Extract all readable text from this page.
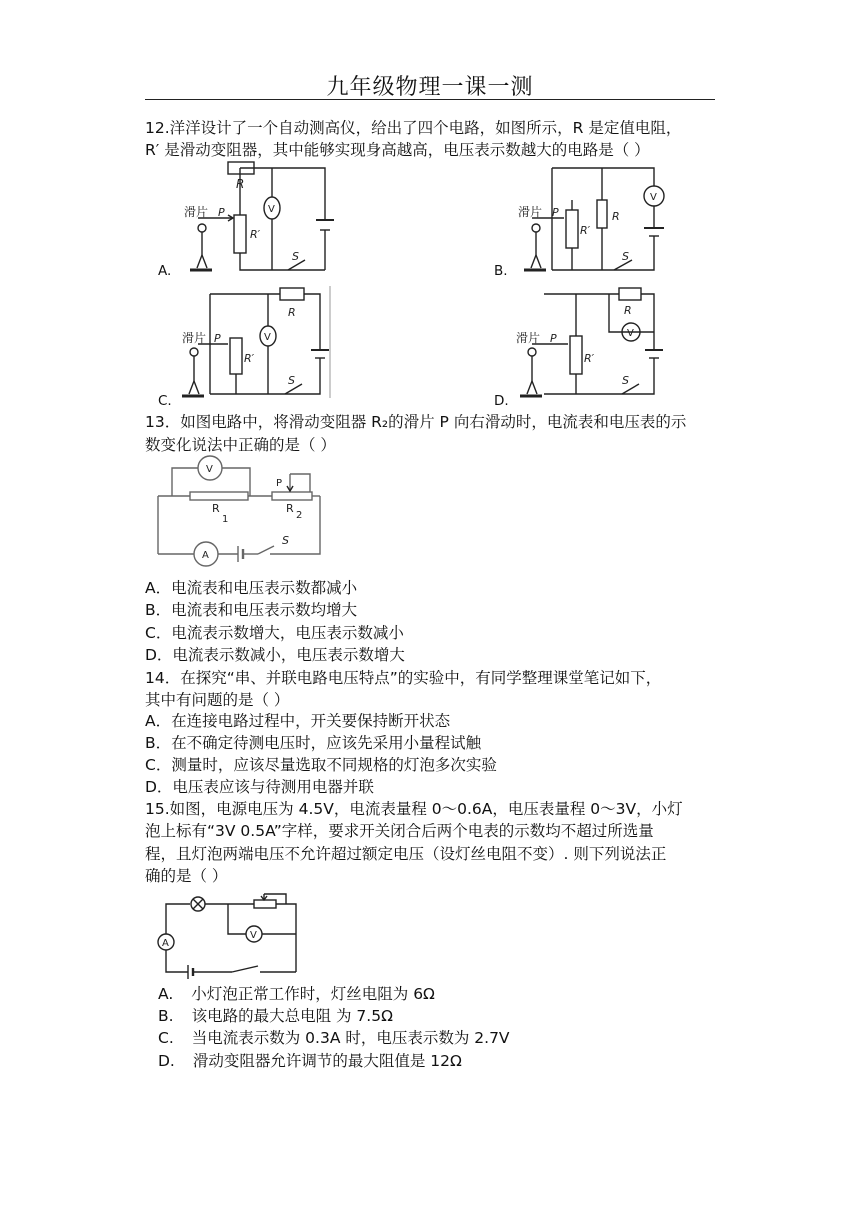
九年级物理一课一测
12.洋洋设计了一个自动测高仪，给出了四个电路，如图所示，R 是定值电阻，
R′ 是滑动变阻器，其中能够实现身高越高，电压表示数越大的电路是（ ）
R
R′
V
S
滑片 P
A.
V
R
R′
S
滑片 P
B.
R
V
R′
S
滑片 P
C.
R
V
R′
S
滑片 P
D.
13．如图电路中，将滑动变阻器 R₂的滑片 P 向右滑动时，电流表和电压表的示
数变化说法中正确的是（ ）
V
P
R
1
R
2
A
S
A．电流表和电压表示数都减小
B．电流表和电压表示数均增大
C．电流表示数增大，电压表示数减小
D．电流表示数减小，电压表示数增大
14．在探究“串、并联电路电压特点”的实验中，有同学整理课堂笔记如下，
其中有问题的是（ ）
A．在连接电路过程中，开关要保持断开状态
B．在不确定待测电压时，应该先采用小量程试触
C．测量时，应该尽量选取不同规格的灯泡多次实验
D．电压表应该与待测用电器并联
15.如图，电源电压为 4.5V，电流表量程 0～0.6A，电压表量程 0～3V，小灯
泡上标有“3V 0.5A”字样，要求开关闭合后两个电表的示数均不超过所选量
程，且灯泡两端电压不允许超过额定电压（设灯丝电阻不变）. 则下列说法正
确的是（ ）
V
A
A. 小灯泡正常工作时，灯丝电阻为 6Ω
B. 该电路的最大总电阻 为 7.5Ω
C. 当电流表示数为 0.3A 时，电压表示数为 2.7V
D. 滑动变阻器允许调节的最大阻值是 12Ω
